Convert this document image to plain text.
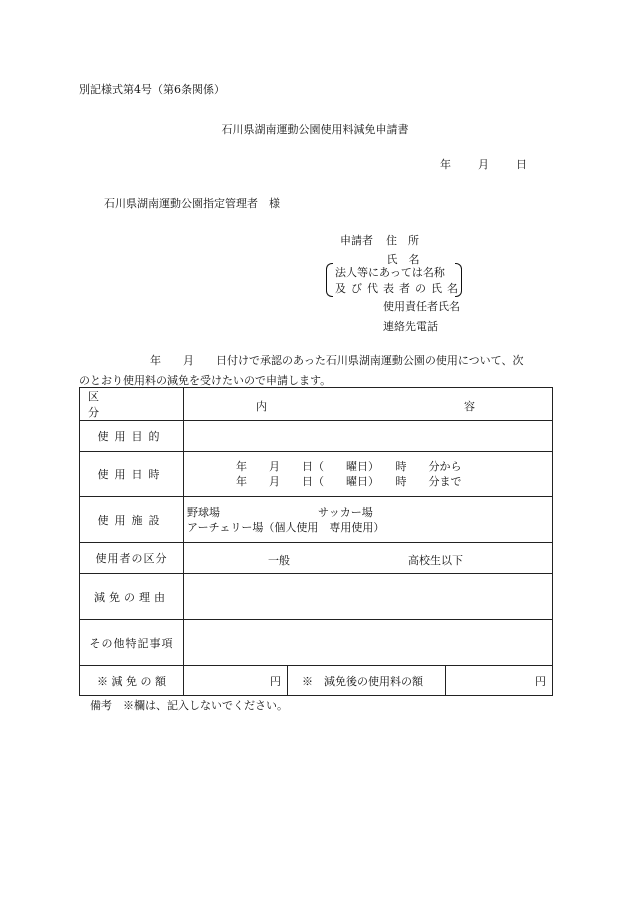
別記様式第4号（第6条関係）
石川県湖南運動公園使用料減免申請書
年 月 日
石川県湖南運動公園指定管理者　様
申請者 住　所
氏　名
法人等にあっては名称
及び代表者の氏名
使用責任者氏名
連絡先電話
年　　月　　日付けで承認のあった石川県湖南運動公園の使用について、次
のとおり使用料の減免を受けたいので申請します。
区分	内 容		

使用目的			
使用日時	年　　月　　日（　　曜日）　　時　　分から
年　　月　　日（　　曜日）　　時　　分まで		

使用施設	野球場 サッカー場
アーチェリー場（個人使用　専用使用）		

使用者の区分	一般 高校生以下		

減免の理由			
その他特記事項			
※ 減 免 の 額	円	※　減免後の使用料の額	円
備考　※欄は、記入しないでください。
